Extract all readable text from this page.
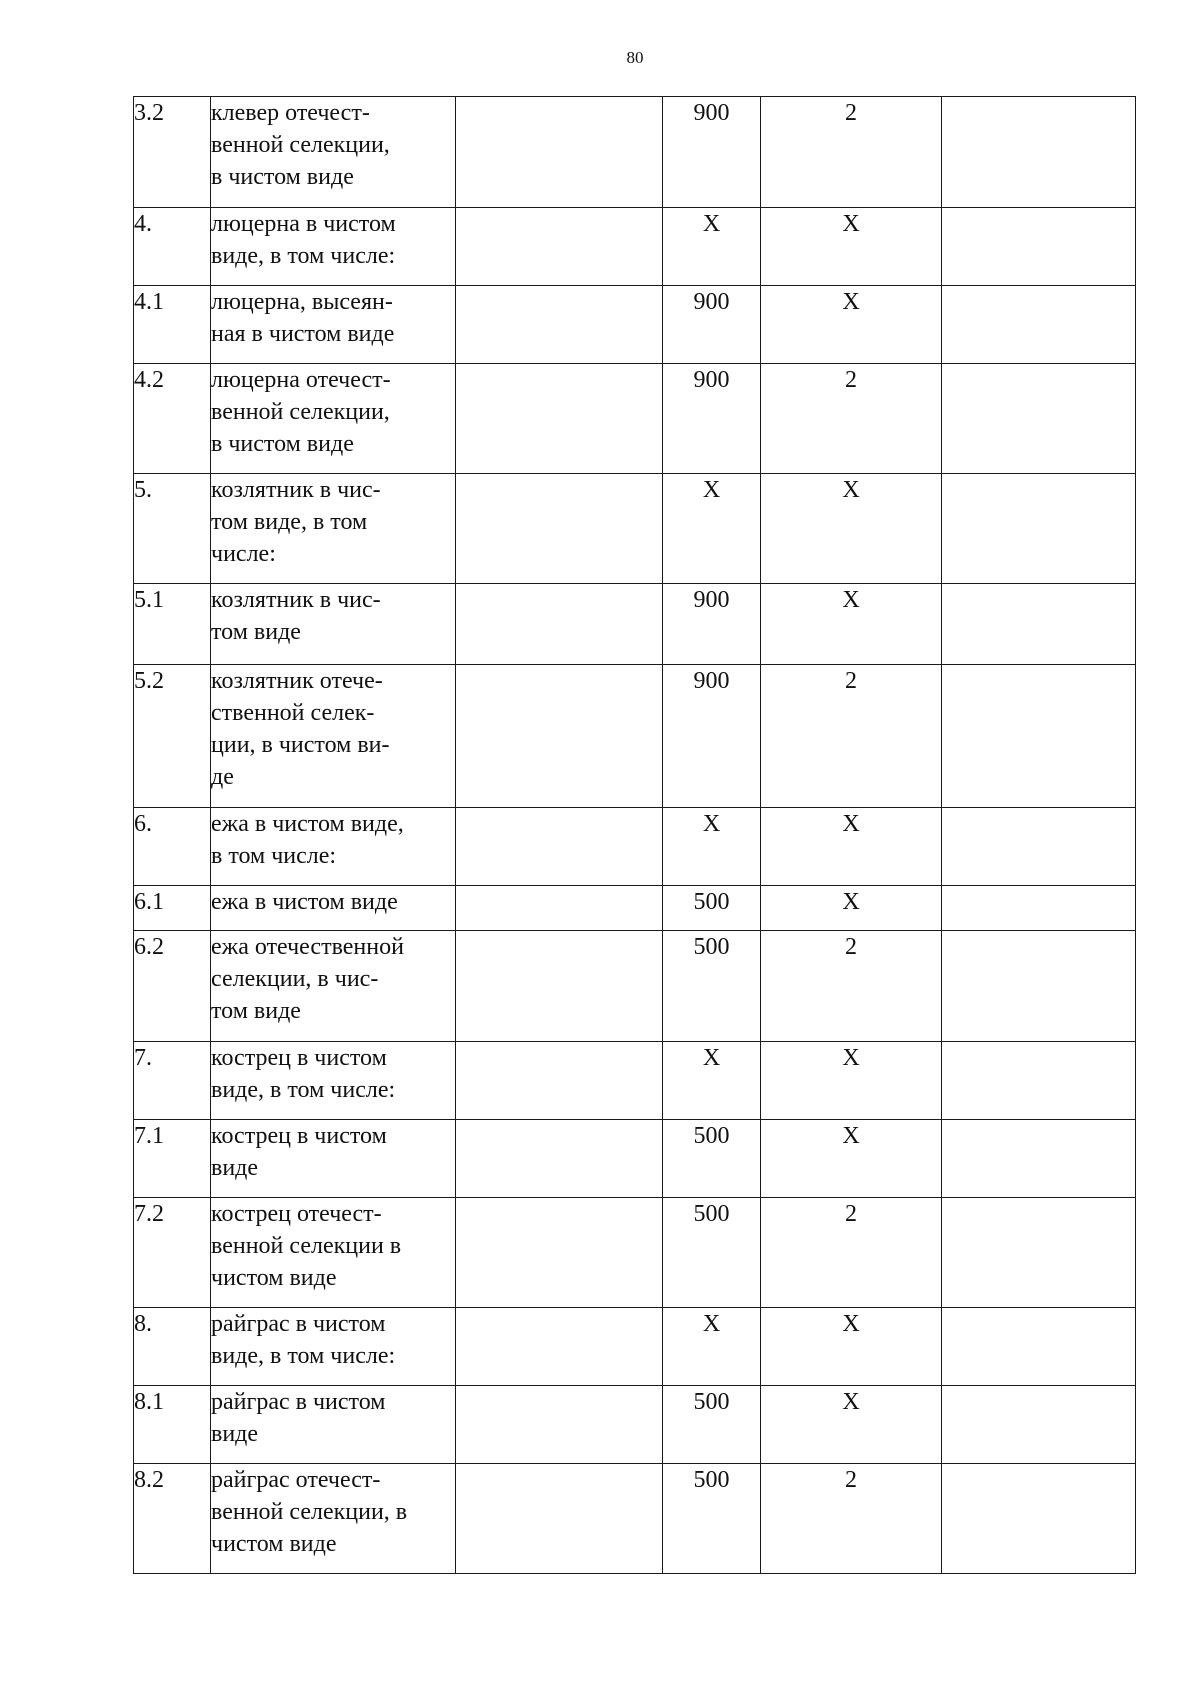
80
3.2	клевер отечест-
венной селекции,
в чистом виде		900	2	
4.	люцерна в чистом
виде, в том числе:		X	X	
4.1	люцерна, высеян-
ная в чистом виде		900	X	
4.2	люцерна отечест-
венной селекции,
в чистом виде		900	2	
5.	козлятник в чис-
том виде, в том
числе:		X	X	
5.1	козлятник в чис-
том виде		900	X	
5.2	козлятник отече-
ственной селек-
ции, в чистом ви-
де		900	2	
6.	ежа в чистом виде,
в том числе:		X	X	
6.1	ежа в чистом виде		500	X	
6.2	ежа отечественной
селекции, в чис-
том виде		500	2	
7.	кострец в чистом
виде, в том числе:		X	X	
7.1	кострец в чистом
виде		500	X	
7.2	кострец отечест-
венной селекции в
чистом виде		500	2	
8.	райграс в чистом
виде, в том числе:		X	X	
8.1	райграс в чистом
виде		500	X	
8.2	райграс отечест-
венной селекции, в
чистом виде		500	2	
